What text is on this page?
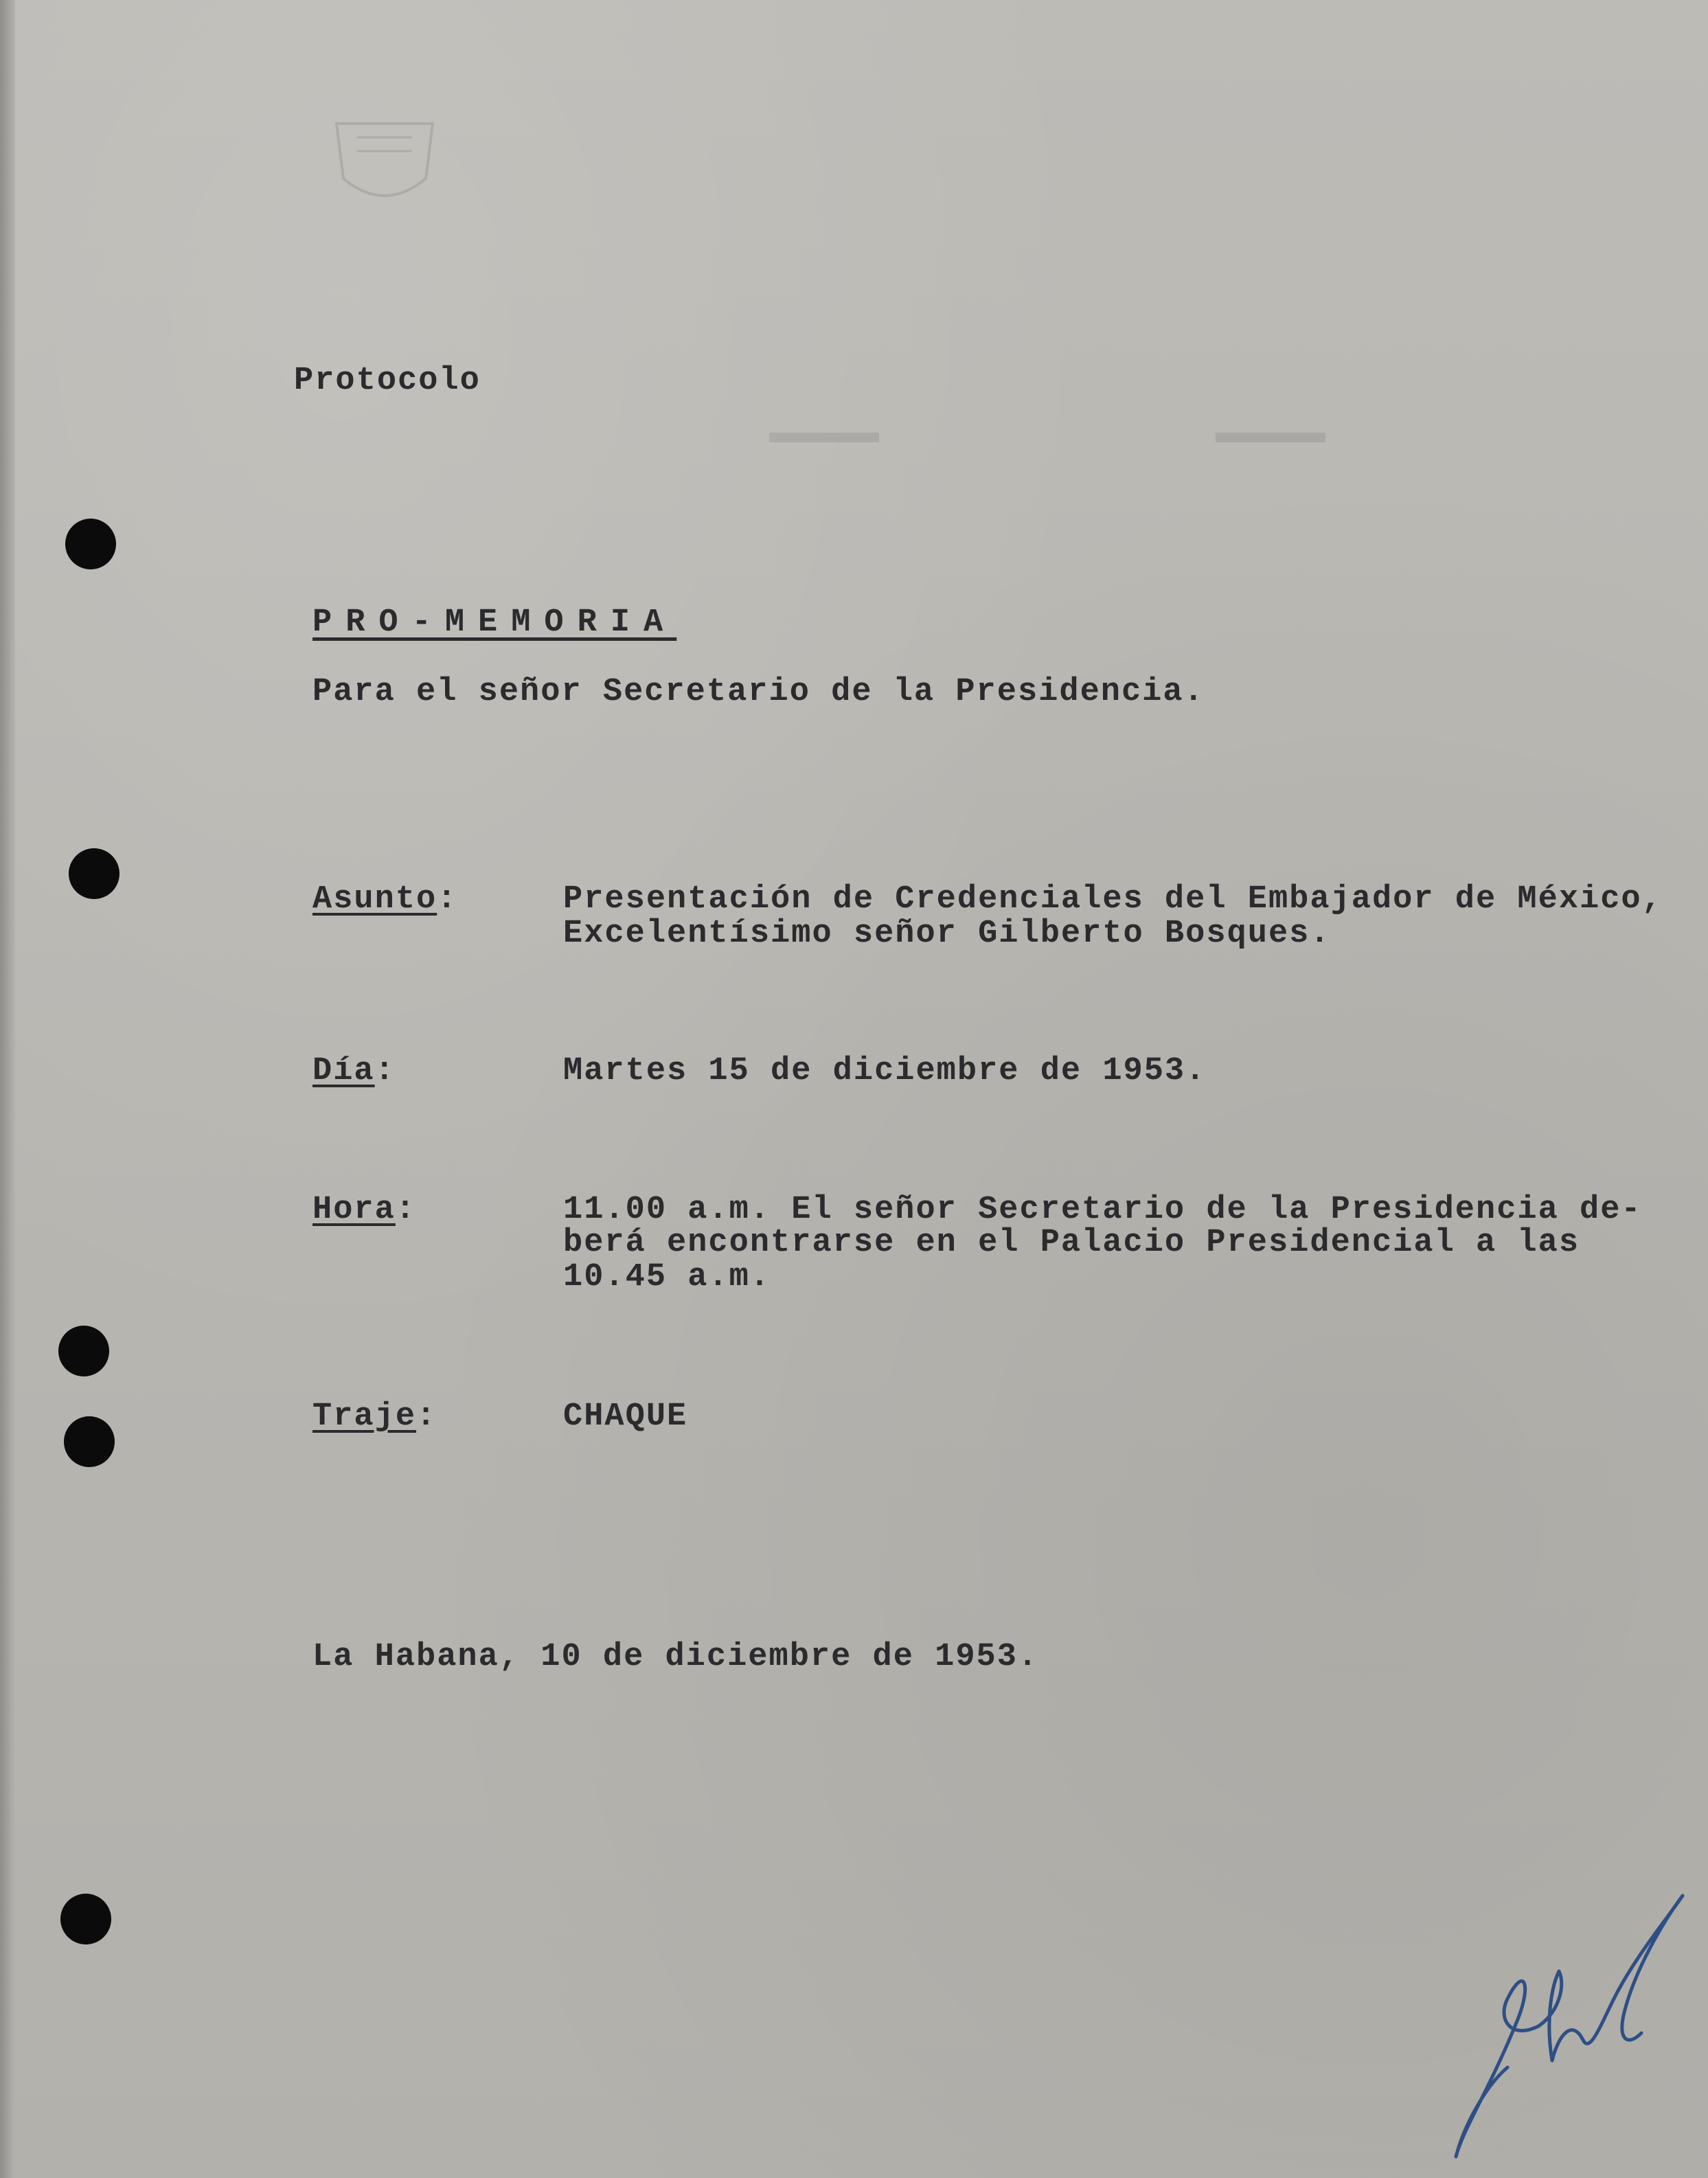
Protocolo
PRO-MEMORIA
Para el señor Secretario de la Presidencia.
Asunto:	Presentación de Credenciales del Embajador de México,
Excelentísimo señor Gilberto Bosques.
Día:	Martes 15 de diciembre de 1953.
Hora:	11.00 a.m. El señor Secretario de la Presidencia de-
berá encontrarse en el Palacio Presidencial a las
10.45 a.m.
Traje:	CHAQUE
La Habana, 10 de diciembre de 1953.
